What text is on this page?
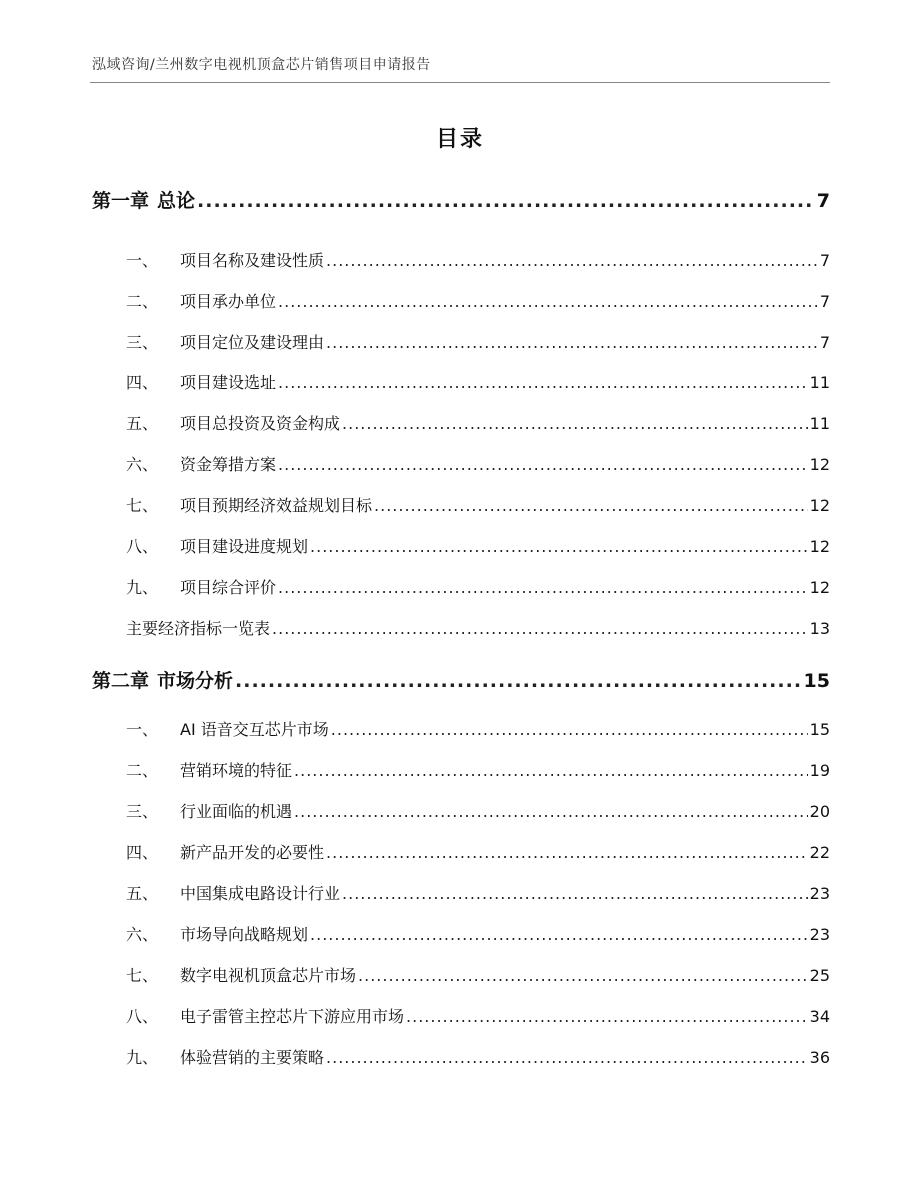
泓域咨询/兰州数字电视机顶盒芯片销售项目申请报告
目录
第一章 总论 .....	7
一、 项目名称及建设性质 .....	7
二、 项目承办单位 .....	7
三、 项目定位及建设理由 .....	7
四、 项目建设选址 .....	11
五、 项目总投资及资金构成 .....	11
六、 资金筹措方案 .....	12
七、 项目预期经济效益规划目标 .....	12
八、 项目建设进度规划 .....	12
九、 项目综合评价 .....	12
主要经济指标一览表 .....	13
第二章 市场分析 .....	15
一、 AI 语音交互芯片市场 .....	15
二、 营销环境的特征 .....	19
三、 行业面临的机遇 .....	20
四、 新产品开发的必要性 .....	22
五、 中国集成电路设计行业 .....	23
六、 市场导向战略规划 .....	23
七、 数字电视机顶盒芯片市场 .....	25
八、 电子雷管主控芯片下游应用市场 .....	34
九、 体验营销的主要策略 .....	36
